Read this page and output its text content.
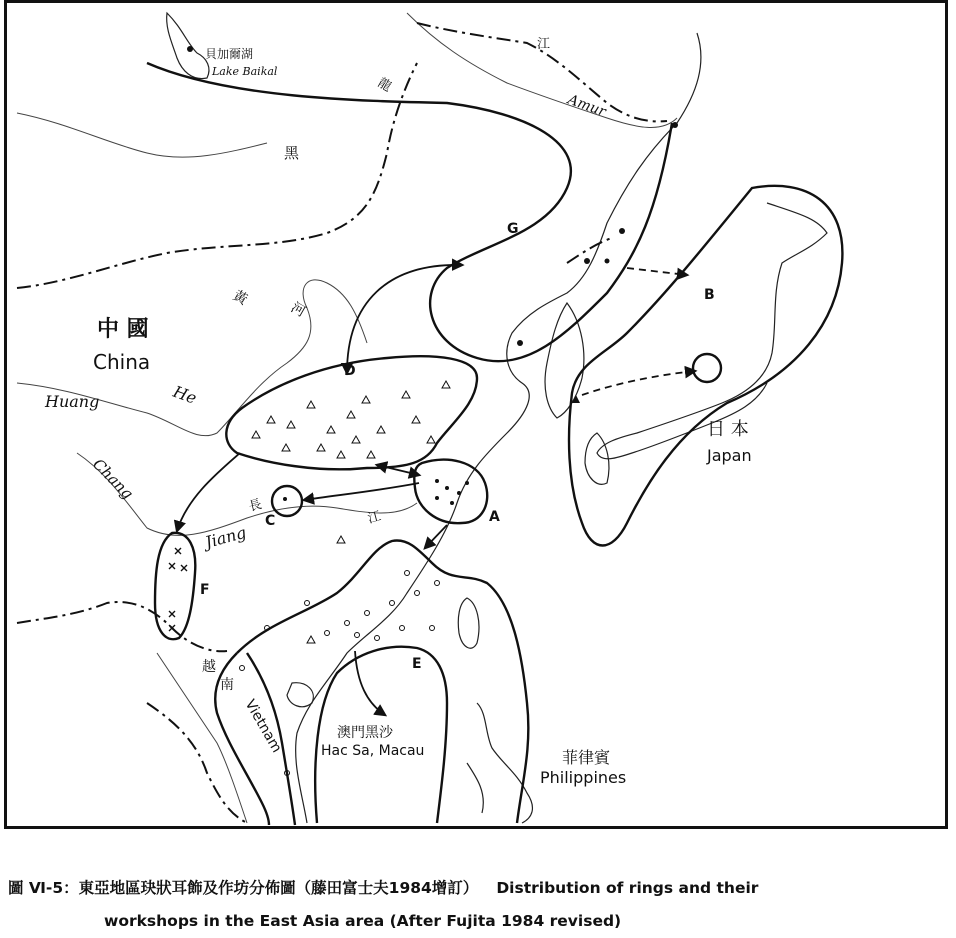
貝加爾湖
Lake Baikal
龍
江
Amur
黑
中 國
China
黃
河
Huang	He
Chang
Jiang
長
江
日 本
Japan
越
南
Vietnam	澳門黑沙
Hac Sa, Macau	菲律賓
Philippines
A
B
C
D
E
F
G
圖 Ⅵ-5：東亞地區玦狀耳飾及作坊分佈圖（藤田富士夫1984增訂） Distribution of rings and their
workshops in the East Asia area (After Fujita 1984 revised)
